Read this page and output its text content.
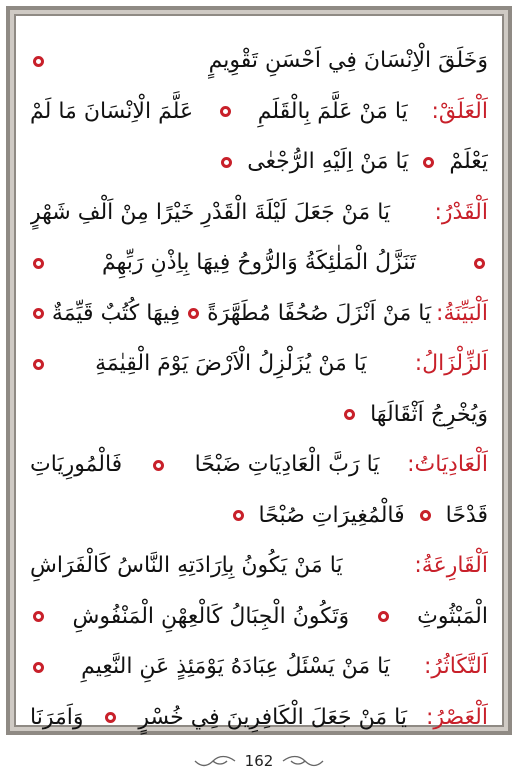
وَخَلَقَ الْاِنْسَانَ فِي اَحْسَنِ تَقْوِيمٍ
اَلْعَلَقْ:
يَا مَنْ عَلَّمَ بِالْقَلَمِ
عَلَّمَ الْاِنْسَانَ مَا لَمْ
يَعْلَمْ
يَا مَنْ اِلَيْهِ الرُّجْعٰى
اَلْقَدْرُ:
يَا مَنْ جَعَلَ لَيْلَةَ الْقَدْرِ خَيْرًا مِنْ اَلْفِ شَهْرٍ
تَنَزَّلُ الْمَلٰئِكَةُ وَالرُّوحُ فِيهَا بِاِذْنِ رَبِّهِمْ
اَلْبَيِّنَةُ:
يَا مَنْ اَنْزَلَ صُحُفًا مُطَهَّرَةً
فِيهَا كُتُبٌ قَيِّمَةٌ
اَلزِّلْزَالُ:
يَا مَنْ يُزَلْزِلُ الْاَرْضَ يَوْمَ الْقِيٰمَةِ
وَيُخْرِجُ اَثْقَالَهَا
اَلْعَادِيَاتُ:
يَا رَبَّ الْعَادِيَاتِ ضَبْحًا
فَالْمُورِيَاتِ
قَدْحًا
فَالْمُغِيرَاتِ صُبْحًا
اَلْقَارِعَةُ:
يَا مَنْ يَكُونُ بِاِرَادَتِهِ النَّاسُ كَالْفَرَاشِ
الْمَبْثُوثِ
وَتَكُونُ الْجِبَالُ كَالْعِهْنِ الْمَنْفُوشِ
اَلتَّكَاثُرُ:
يَا مَنْ يَسْئَلُ عِبَادَهُ يَوْمَئِذٍ عَنِ النَّعِيمِ
اَلْعَصْرُ:
يَا مَنْ جَعَلَ الْكَافِرِينَ فِي خُسْرٍ
وَاَمَرَنَا
162
